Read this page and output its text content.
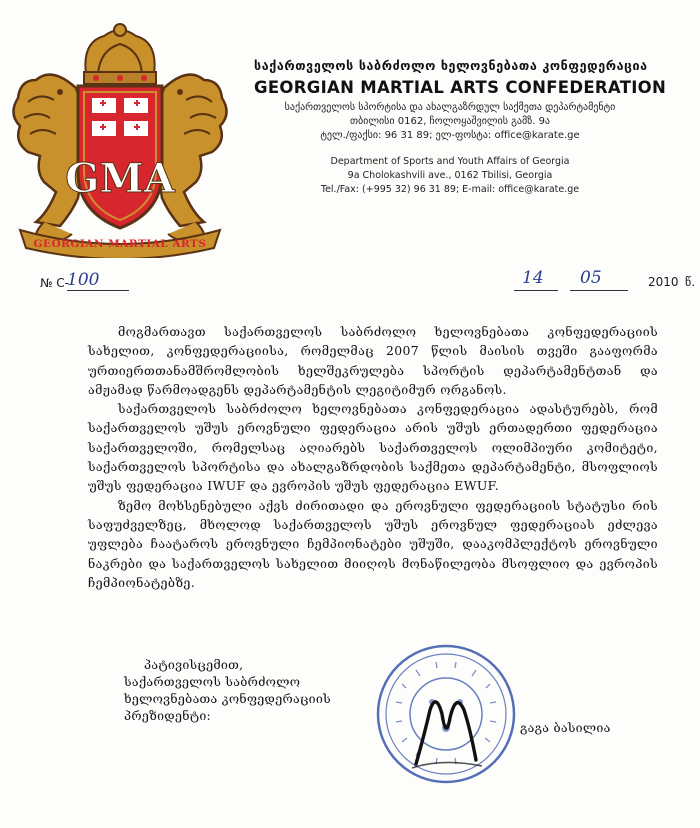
GMA
GEORGIAN MARTIAL ARTS
საქართველოს საბრძოლო ხელოვნებათა კონფედერაცია
GEORGIAN MARTIAL ARTS CONFEDERATION
საქართველოს სპორტისა და ახალგაზრდულ საქმეთა დეპარტამენტი
თბილისი 0162, ჩოლოყაშვილის გამზ. 9ა
ტელ./ფაქსი: 96 31 89; ელ-ფოსტა: office@karate.ge
Department of Sports and Youth Affairs of Georgia
9a Cholokashvili ave., 0162 Tbilisi, Georgia
Tel./Fax: (+995 32) 96 31 89; E-mail: office@karate.ge
№ C-
100	14 05	2010 წ.

მოგმართავთ საქართველოს საბრძოლო ხელოვნებათა კონფედერაციის სახელით, კონფედერაციისა, რომელმაც 2007 წლის მაისის თვეში გააფორმა ურთიერთთანამშრომლობის ხელშეკრულება სპორტის დეპარტამენტთან და ამჟამად წარმოადგენს დეპარტამენტის ლეგიტიმურ ორგანოს.

საქართველოს საბრძოლო ხელოვნებათა კონფედერაცია ადასტურებს, რომ საქართველოს უშუს ეროვნული ფედერაცია არის უშუს ერთადერთი ფედერაცია საქართველოში, რომელსაც აღიარებს საქართველოს ოლიმპიური კომიტეტი, საქართველოს სპორტისა და ახალგაზრდობის საქმეთა დეპარტამენტი, მსოფლიოს უშუს ფედერაცია IWUF და ევროპის უშუს ფედერაცია EWUF.

ზემო მოხსენებული აქვს ძირითადი და ეროვნული ფედერაციის სტატუსი რის საფუძველზეც, მხოლოდ საქართველოს უშუს ეროვნულ ფედერაციას ეძლევა უფლება ჩაატაროს ეროვნული ჩემპიონატები უშუში, დააკომპლექტოს ეროვნული ნაკრები და საქართველოს სახელით მიიღოს მონაწილეობა მსოფლიო და ევროპის ჩემპიონატებზე.

პატივისცემით,
საქართველოს საბრძოლო
ხელოვნებათა კონფედერაციის
პრეზიდენტი:
გაგა ბასილია
